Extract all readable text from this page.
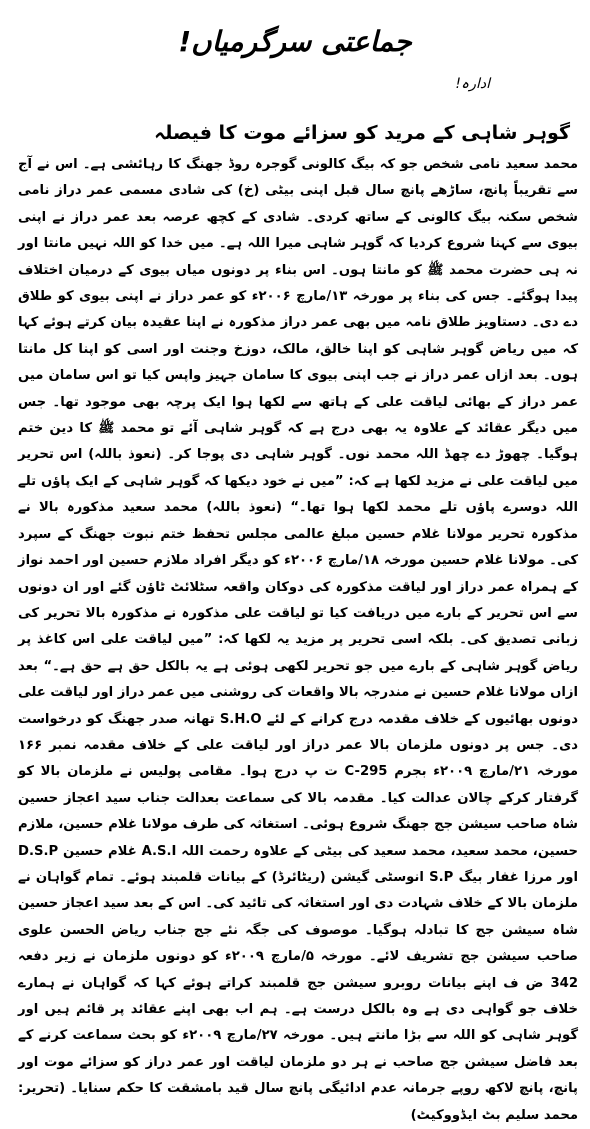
جماعتی سرگرمیاں!
ادارہ!
گوہر شاہی کے مرید کو سزائے موت کا فیصلہ

محمد سعید نامی شخص جو کہ بیگ کالونی گوجرہ روڈ جھنگ کا رہائشی ہے۔ اس نے آج سے تقریباً پانچ، ساڑھے پانچ سال قبل اپنی بیٹی (خ) کی شادی مسمی عمر دراز نامی شخص سکنہ بیگ کالونی کے ساتھ کردی۔ شادی کے کچھ عرصہ بعد عمر دراز نے اپنی بیوی سے کہنا شروع کردیا کہ گوہر شاہی میرا اللہ ہے۔ میں خدا کو اللہ نہیں مانتا اور نہ ہی حضرت محمد ﷺ کو مانتا ہوں۔ اس بناء پر دونوں میاں بیوی کے درمیان اختلاف پیدا ہوگئے۔ جس کی بناء پر مورخہ ۱۳/مارچ ۲۰۰۶ء کو عمر دراز نے اپنی بیوی کو طلاق دے دی۔ دستاویز طلاق نامہ میں بھی عمر دراز مذکورہ نے اپنا عقیدہ بیان کرتے ہوئے کہا کہ میں ریاض گوہر شاہی کو اپنا خالق، مالک، دوزخ وجنت اور اسی کو اپنا کل مانتا ہوں۔ بعد ازاں عمر دراز نے جب اپنی بیوی کا سامان جہیز واپس کیا تو اس سامان میں عمر دراز کے بھائی لیاقت علی کے ہاتھ سے لکھا ہوا ایک پرچہ بھی موجود تھا۔ جس میں دیگر عقائد کے علاوہ یہ بھی درج ہے کہ گوہر شاہی آئے تو محمد ﷺ کا دین ختم ہوگیا۔ چھوڑ دے چھڈ اللہ محمد نوں۔ گوہر شاہی دی پوجا کر۔ (نعوذ باللہ) اس تحریر میں لیاقت علی نے مزید لکھا ہے کہ: ”میں نے خود دیکھا کہ گوہر شاہی کے ایک پاؤں تلے اللہ دوسرے پاؤں تلے محمد لکھا ہوا تھا۔“ (نعوذ باللہ) محمد سعید مذکورہ بالا نے مذکورہ تحریر مولانا غلام حسین مبلغ عالمی مجلس تحفظ ختم نبوت جھنگ کے سپرد کی۔ مولانا غلام حسین مورخہ ۱۸/مارچ ۲۰۰۶ء کو دیگر افراد ملازم حسین اور احمد نواز کے ہمراہ عمر دراز اور لیاقت مذکورہ کی دوکان واقعہ سٹلائٹ ٹاؤن گئے اور ان دونوں سے اس تحریر کے بارے میں دریافت کیا تو لیاقت علی مذکورہ نے مذکورہ بالا تحریر کی زبانی تصدیق کی۔ بلکہ اسی تحریر پر مزید یہ لکھا کہ: ”میں لیاقت علی اس کاغذ پر ریاض گوہر شاہی کے بارے میں جو تحریر لکھی ہوئی ہے یہ بالکل حق ہے حق ہے۔“ بعد ازاں مولانا غلام حسین نے مندرجہ بالا واقعات کی روشنی میں عمر دراز اور لیاقت علی دونوں بھائیوں کے خلاف مقدمہ درج کرانے کے لئے S.H.O تھانہ صدر جھنگ کو درخواست دی۔ جس پر دونوں ملزمان بالا عمر دراز اور لیاقت علی کے خلاف مقدمہ نمبر ۱۶۶ مورخہ ۲۱/مارچ ۲۰۰۹ء بجرم C-295 ت پ درج ہوا۔ مقامی پولیس نے ملزمان بالا کو گرفتار کرکے چالان عدالت کیا۔ مقدمہ بالا کی سماعت بعدالت جناب سید اعجاز حسین شاہ صاحب سیشن جج جھنگ شروع ہوئی۔ استغاثہ کی طرف مولانا غلام حسین، ملازم حسین، محمد سعید، محمد سعید کی بیٹی کے علاوہ رحمت اللہ A.S.I غلام حسین D.S.P اور مرزا غفار بیگ S.P انوسٹی گیشن (ریٹائرڈ) کے بیانات قلمبند ہوئے۔ تمام گواہان نے ملزمان بالا کے خلاف شہادت دی اور استغاثہ کی تائید کی۔ اس کے بعد سید اعجاز حسین شاہ سیشن جج کا تبادلہ ہوگیا۔ موصوف کی جگہ نئے جج جناب ریاض الحسن علوی صاحب سیشن جج تشریف لائے۔ مورخہ ۵/مارچ ۲۰۰۹ء کو دونوں ملزمان نے زیر دفعہ 342 ض ف اپنے بیانات روبرو سیشن جج قلمبند کراتے ہوئے کہا کہ گواہان نے ہمارے خلاف جو گواہی دی ہے وہ بالکل درست ہے۔ ہم اب بھی اپنے عقائد پر قائم ہیں اور گوہر شاہی کو اللہ سے بڑا مانتے ہیں۔ مورخہ ۲۷/مارچ ۲۰۰۹ء کو بحث سماعت کرنے کے بعد فاضل سیشن جج صاحب نے ہر دو ملزمان لیاقت اور عمر دراز کو سزائے موت اور پانچ، پانچ لاکھ روپے جرمانہ عدم ادائیگی پانچ سال قید بامشقت کا حکم سنایا۔ (تحریر: محمد سلیم بٹ ایڈووکیٹ)
